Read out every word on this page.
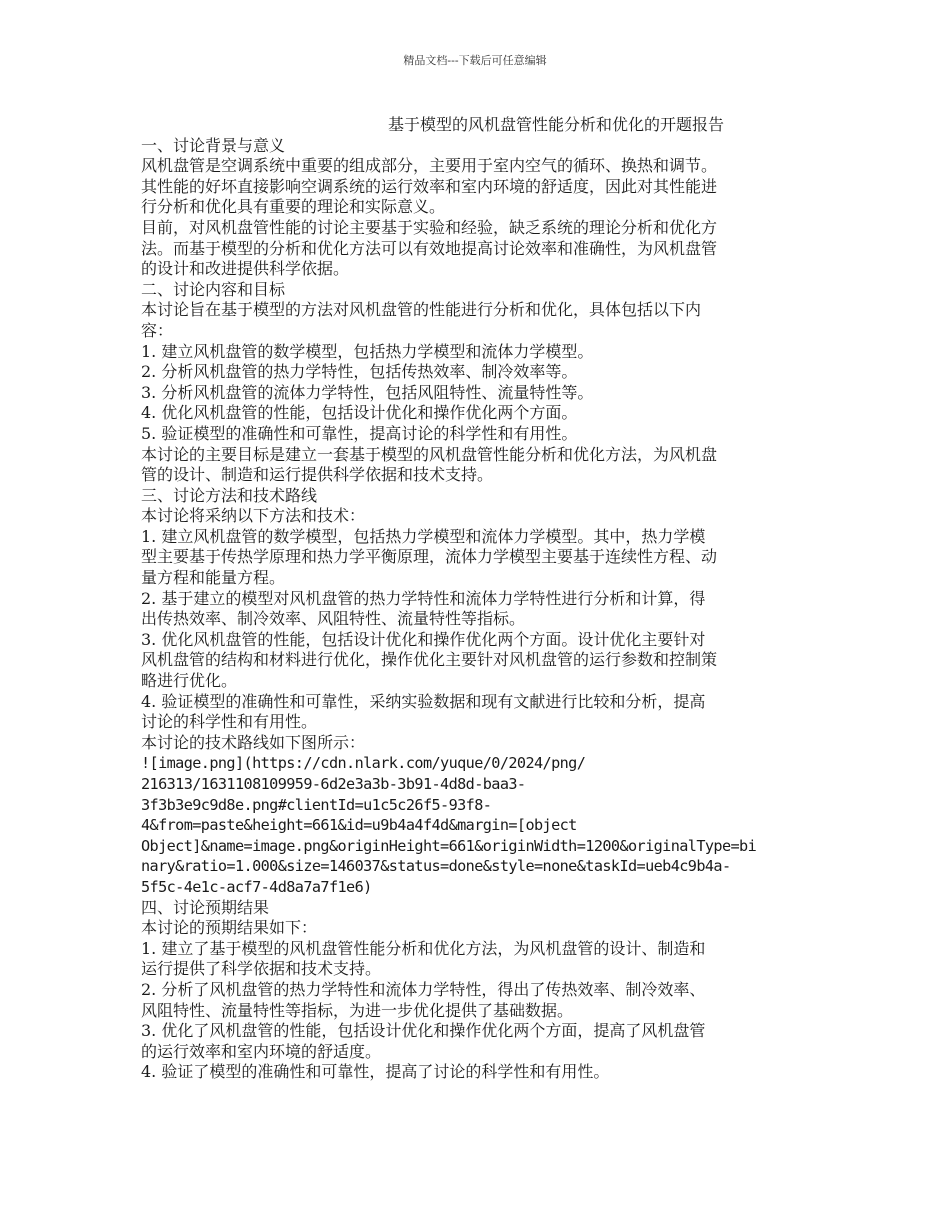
精品文档---下载后可任意编辑
基于模型的风机盘管性能分析和优化的开题报告
一、讨论背景与意义
风机盘管是空调系统中重要的组成部分，主要用于室内空气的循环、换热和调节。
其性能的好坏直接影响空调系统的运行效率和室内环境的舒适度，因此对其性能进
行分析和优化具有重要的理论和实际意义。
目前，对风机盘管性能的讨论主要基于实验和经验，缺乏系统的理论分析和优化方
法。而基于模型的分析和优化方法可以有效地提高讨论效率和准确性，为风机盘管
的设计和改进提供科学依据。
二、讨论内容和目标
本讨论旨在基于模型的方法对风机盘管的性能进行分析和优化，具体包括以下内
容：
1. 建立风机盘管的数学模型，包括热力学模型和流体力学模型。
2. 分析风机盘管的热力学特性，包括传热效率、制冷效率等。
3. 分析风机盘管的流体力学特性，包括风阻特性、流量特性等。
4. 优化风机盘管的性能，包括设计优化和操作优化两个方面。
5. 验证模型的准确性和可靠性，提高讨论的科学性和有用性。
本讨论的主要目标是建立一套基于模型的风机盘管性能分析和优化方法，为风机盘
管的设计、制造和运行提供科学依据和技术支持。
三、讨论方法和技术路线
本讨论将采纳以下方法和技术：
1. 建立风机盘管的数学模型，包括热力学模型和流体力学模型。其中，热力学模
型主要基于传热学原理和热力学平衡原理，流体力学模型主要基于连续性方程、动
量方程和能量方程。
2. 基于建立的模型对风机盘管的热力学特性和流体力学特性进行分析和计算，得
出传热效率、制冷效率、风阻特性、流量特性等指标。
3. 优化风机盘管的性能，包括设计优化和操作优化两个方面。设计优化主要针对
风机盘管的结构和材料进行优化，操作优化主要针对风机盘管的运行参数和控制策
略进行优化。
4. 验证模型的准确性和可靠性，采纳实验数据和现有文献进行比较和分析，提高
讨论的科学性和有用性。
本讨论的技术路线如下图所示：
![image.png](https://cdn.nlark.com/yuque/0/2024/png/
216313/1631108109959-6d2e3a3b-3b91-4d8d-baa3-
3f3b3e9c9d8e.png#clientId=u1c5c26f5-93f8-
4&from=paste&height=661&id=u9b4a4f4d&margin=[object
Object]&name=image.png&originHeight=661&originWidth=1200&originalType=bi
nary&ratio=1.000&size=146037&status=done&style=none&taskId=ueb4c9b4a-
5f5c-4e1c-acf7-4d8a7a7f1e6)
四、讨论预期结果
本讨论的预期结果如下：
1. 建立了基于模型的风机盘管性能分析和优化方法，为风机盘管的设计、制造和
运行提供了科学依据和技术支持。
2. 分析了风机盘管的热力学特性和流体力学特性，得出了传热效率、制冷效率、
风阻特性、流量特性等指标，为进一步优化提供了基础数据。
3. 优化了风机盘管的性能，包括设计优化和操作优化两个方面，提高了风机盘管
的运行效率和室内环境的舒适度。
4. 验证了模型的准确性和可靠性，提高了讨论的科学性和有用性。
